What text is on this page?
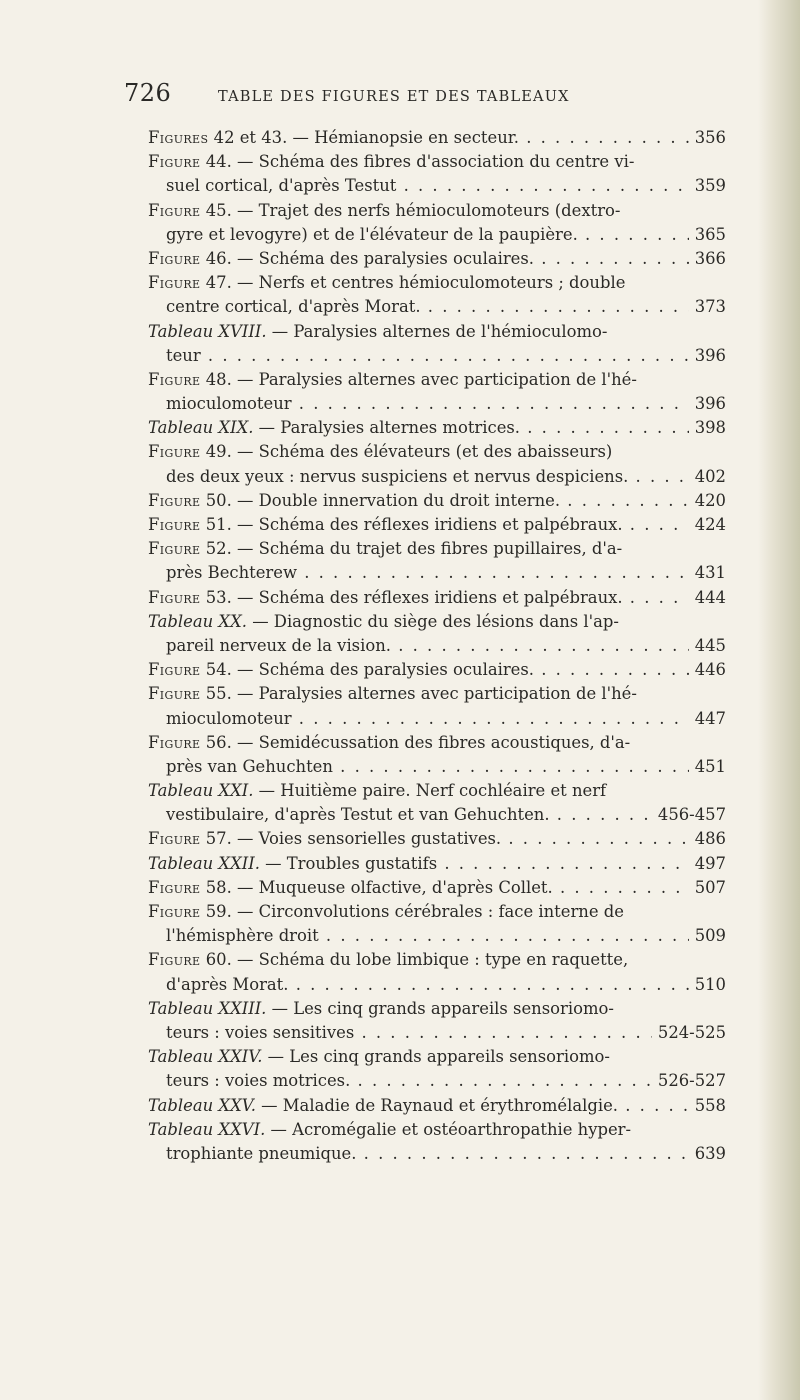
726	TABLE DES FIGURES ET DES TABLEAUX
Figures 42 et 43. — Hémianopsie en secteur. . . .	356
Figure 44. — Schéma des fibres d'association du centre vi-
suel cortical, d'après Testut . . .	359
Figure 45. — Trajet des nerfs hémioculomoteurs (dextro-
gyre et levogyre) et de l'élévateur de la paupière. . . .	365
Figure 46. — Schéma des paralysies oculaires. . . .	366
Figure 47. — Nerfs et centres hémioculomoteurs ; double
centre cortical, d'après Morat. . . .	373
Tableau XVIII. — Paralysies alternes de l'hémioculomo-
teur . . .	396
Figure 48. — Paralysies alternes avec participation de l'hé-
mioculomoteur . . .	396
Tableau XIX. — Paralysies alternes motrices. . . .	398
Figure 49. — Schéma des élévateurs (et des abaisseurs)
des deux yeux : nervus suspiciens et nervus despiciens. . . .	402
Figure 50. — Double innervation du droit interne. . . .	420
Figure 51. — Schéma des réflexes iridiens et palpébraux. . . .	424
Figure 52. — Schéma du trajet des fibres pupillaires, d'a-
près Bechterew . . .	431
Figure 53. — Schéma des réflexes iridiens et palpébraux. . . .	444
Tableau XX. — Diagnostic du siège des lésions dans l'ap-
pareil nerveux de la vision. . . .	445
Figure 54. — Schéma des paralysies oculaires. . . .	446
Figure 55. — Paralysies alternes avec participation de l'hé-
mioculomoteur . . .	447
Figure 56. — Semidécussation des fibres acoustiques, d'a-
près van Gehuchten . . .	451
Tableau XXI. — Huitième paire. Nerf cochléaire et nerf
vestibulaire, d'après Testut et van Gehuchten. . . .	456-457
Figure 57. — Voies sensorielles gustatives. . . .	486
Tableau XXII. — Troubles gustatifs . . .	497
Figure 58. — Muqueuse olfactive, d'après Collet. . . .	507
Figure 59. — Circonvolutions cérébrales : face interne de
l'hémisphère droit . . .	509
Figure 60. — Schéma du lobe limbique : type en raquette,
d'après Morat. . . .	510
Tableau XXIII. — Les cinq grands appareils sensoriomo-
teurs : voies sensitives . . .	524-525
Tableau XXIV. — Les cinq grands appareils sensoriomo-
teurs : voies motrices. . . .	526-527
Tableau XXV. — Maladie de Raynaud et érythromélalgie. . . .	558
Tableau XXVI. — Acromégalie et ostéoarthropathie hyper-
trophiante pneumique. . . .	639
